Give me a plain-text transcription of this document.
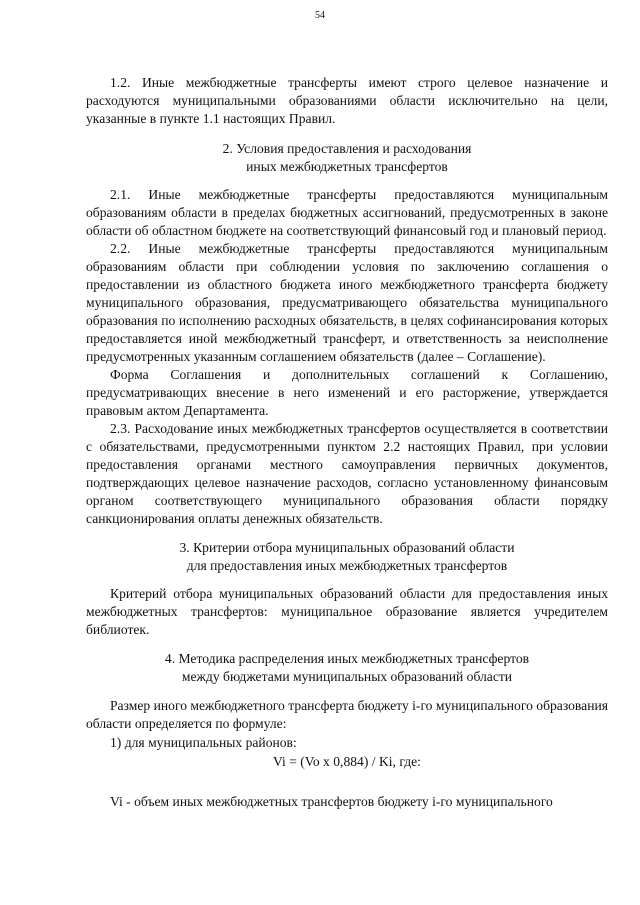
54

1.2. Иные межбюджетные трансферты имеют строго целевое назначение и расходуются муниципальными образованиями области исключительно на цели, указанные в пункте 1.1 настоящих Правил.

2. Условия предоставления и расходования
иных межбюджетных трансфертов

2.1. Иные межбюджетные трансферты предоставляются муниципальным образованиям области в пределах бюджетных ассигнований, предусмотренных в законе области об областном бюджете на соответствующий финансовый год и плановый период.

2.2. Иные межбюджетные трансферты предоставляются муниципальным образованиям области при соблюдении условия по заключению соглашения о предоставлении из областного бюджета иного межбюджетного трансферта бюджету муниципального образования, предусматривающего обязательства муниципального образования по исполнению расходных обязательств, в целях софинансирования которых предоставляется иной межбюджетный трансферт, и ответственность за неисполнение предусмотренных указанным соглашением обязательств (далее – Соглашение).

Форма Соглашения и дополнительных соглашений к Соглашению, предусматривающих внесение в него изменений и его расторжение, утверждается правовым актом Департамента.

2.3. Расходование иных межбюджетных трансфертов осуществляется в соответствии с обязательствами, предусмотренными пунктом 2.2 настоящих Правил, при условии предоставления органами местного самоуправления первичных документов, подтверждающих целевое назначение расходов, согласно установленному финансовым органом соответствующего муниципального образования области порядку санкционирования оплаты денежных обязательств.

3. Критерии отбора муниципальных образований области
для предоставления иных межбюджетных трансфертов

Критерий отбора муниципальных образований области для предоставления иных межбюджетных трансфертов: муниципальное образование является учредителем библиотек.

4. Методика распределения иных межбюджетных трансфертов
между бюджетами муниципальных образований области

Размер иного межбюджетного трансферта бюджету i-го муниципального образования области определяется по формуле:

1) для муниципальных районов:

Vi = (Vo х 0,884) / Ki, где:

Vi - объем иных межбюджетных трансфертов бюджету i-го муниципального
